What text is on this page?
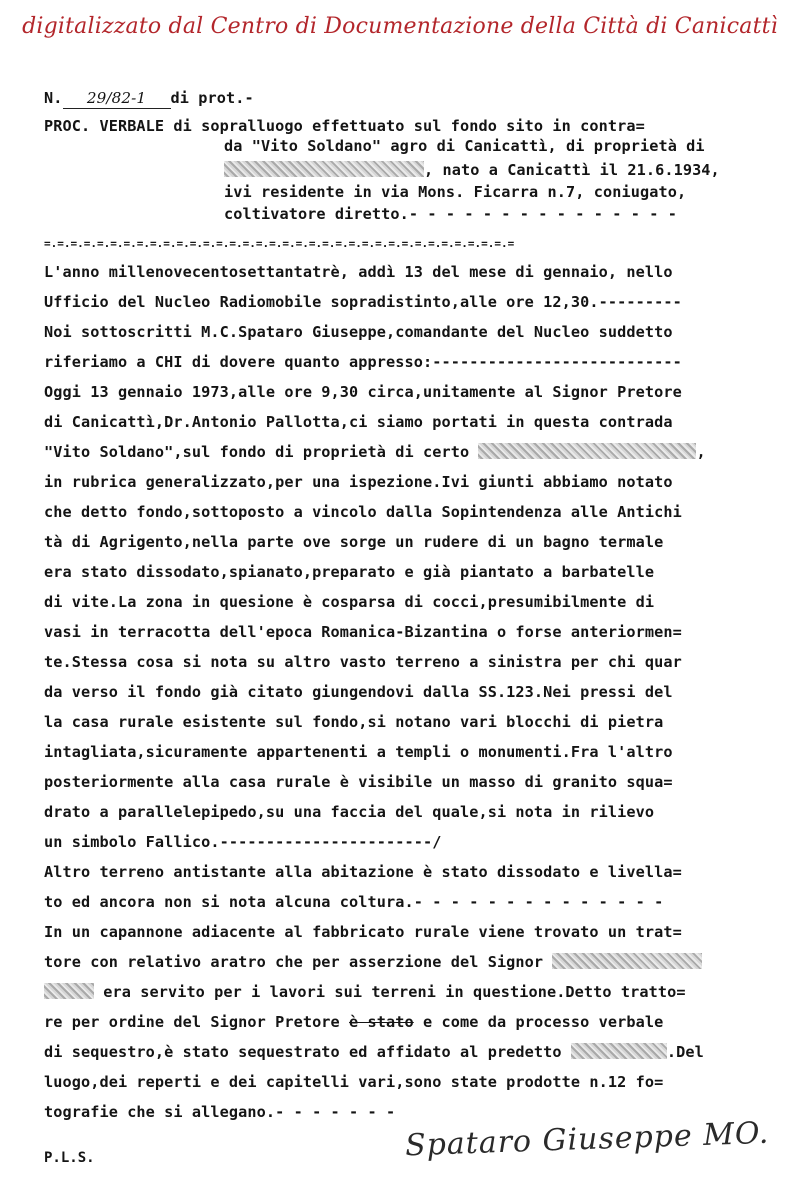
digitalizzato dal Centro di Documentazione della Città di Canicattì
N. 29/82-1 di prot.-
PROC. VERBALE di sopralluogo effettuato sul fondo sito in contra=
da "Vito Soldano" agro di Canicattì, di proprietà di
, nato a Canicattì il 21.6.1934,
ivi residente in via Mons. Ficarra n.7, coniugato,
coltivatore diretto.- - - - - - - - - - - - - - -
=.=.=.=.=.=.=.=.=.=.=.=.=.=.=.=.=.=.=.=.=.=.=.=.=.=.=.=.=.=.=.=.=.=.=.=
L'anno millenovecentosettantatrè, addì 13 del mese di gennaio, nello
Ufficio del Nucleo Radiomobile sopradistinto,alle ore 12,30.---------
Noi sottoscritti M.C.Spataro Giuseppe,comandante del Nucleo suddetto
riferiamo a CHI di dovere quanto appresso:---------------------------
Oggi 13 gennaio 1973,alle ore 9,30 circa,unitamente al Signor Pretore
di Canicattì,Dr.Antonio Pallotta,ci siamo portati in questa contrada
"Vito Soldano",sul fondo di proprietà di certo	,
in rubrica generalizzato,per una ispezione.Ivi giunti abbiamo notato
che detto fondo,sottoposto a vincolo dalla Sopintendenza alle Antichi
tà di Agrigento,nella parte ove sorge un rudere di un bagno termale
era stato dissodato,spianato,preparato e già piantato a barbatelle
di vite.La zona in quesione è cosparsa di cocci,presumibilmente di
vasi in terracotta dell'epoca Romanica-Bizantina o forse anteriormen=
te.Stessa cosa si nota su altro vasto terreno a sinistra per chi quar
da verso il fondo già citato giungendovi dalla SS.123.Nei pressi del
la casa rurale esistente sul fondo,si notano vari blocchi di pietra
intagliata,sicuramente appartenenti a templi o monumenti.Fra l'altro
posteriormente alla casa rurale è visibile un masso di granito squa=
drato a parallelepipedo,su una faccia del quale,si nota in rilievo
un simbolo Fallico.-----------------------/
Altro terreno antistante alla abitazione è stato dissodato e livella=
to ed ancora non si nota alcuna coltura.- - - - - - - - - - - - - -
In un capannone adiacente al fabbricato rurale viene trovato un trat=
tore con relativo aratro che per asserzione del Signor
era servito per i lavori sui terreni in questione.Detto tratto=
re per ordine del Signor Pretore è stato e come da processo verbale
di sequestro,è stato sequestrato ed affidato al predetto	.Del
luogo,dei reperti e dei capitelli vari,sono state prodotte n.12 fo=
tografie che si allegano.- - - - - - -
Spataro Giuseppe MO.
P.L.S.
